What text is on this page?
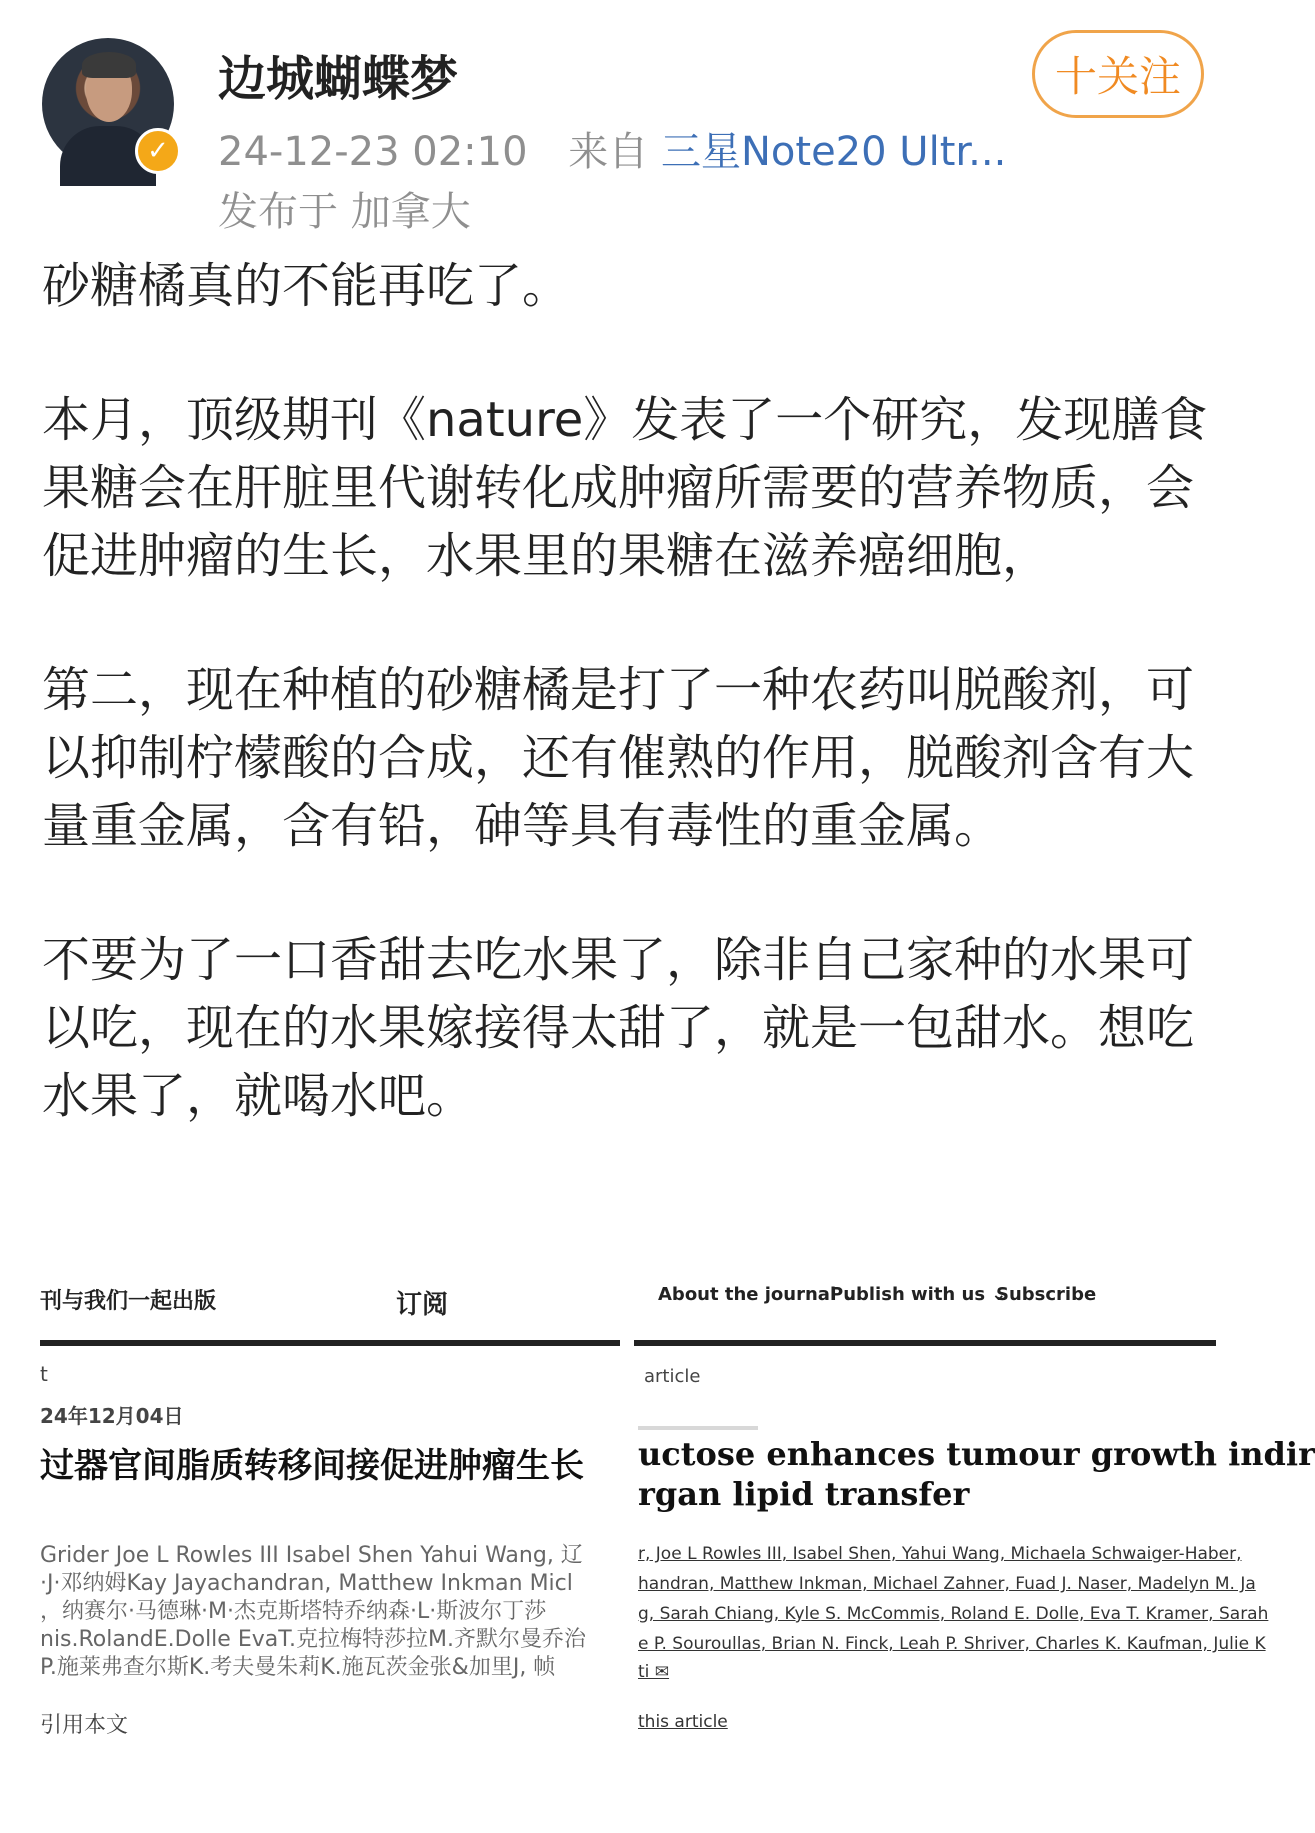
✓
边城蝴蝶梦
24-12-23 02:10 来自 三星Note20 Ultr...
发布于 加拿大
十关注

砂糖橘真的不能再吃了。

本月，顶级期刊《nature》发表了一个研究，发现膳食果糖会在肝脏里代谢转化成肿瘤所需要的营养物质，会促进肿瘤的生长，水果里的果糖在滋养癌细胞，

第二，现在种植的砂糖橘是打了一种农药叫脱酸剂，可以抑制柠檬酸的合成，还有催熟的作用，脱酸剂含有大量重金属，含有铅，砷等具有毒性的重金属。

不要为了一口香甜去吃水果了，除非自己家种的水果可以吃，现在的水果嫁接得太甜了，就是一包甜水。想吃水果了，就喝水吧。

刊与我们一起出版	订阅
t
24年12月04日
过器官间脂质转移间接促进肿瘤生长
Grider Joe L Rowles III Isabel Shen Yahui Wang, 辽
·J·邓纳姆Kay Jayachandran, Matthew Inkman Micl
，纳赛尔·马德琳·M·杰克斯塔特乔纳森·L·斯波尔丁莎
nis.RolandE.Dolle EvaT.克拉梅特莎拉M.齐默尔曼乔治
P.施莱弗查尔斯K.考夫曼朱莉K.施瓦茨金张&加里J, 帧
引用本文
About the journal ⌄
Publish with us ⌄
Subscribe
article
uctose enhances tumour growth indir
rgan lipid transfer
r, Joe L Rowles III, Isabel Shen, Yahui Wang, Michaela Schwaiger-Haber,
handran, Matthew Inkman, Michael Zahner, Fuad J. Naser, Madelyn M. Ja
g, Sarah Chiang, Kyle S. McCommis, Roland E. Dolle, Eva T. Kramer, Sarah
e P. Souroullas, Brian N. Finck, Leah P. Shriver, Charles K. Kaufman, Julie K
ti ✉
this article
